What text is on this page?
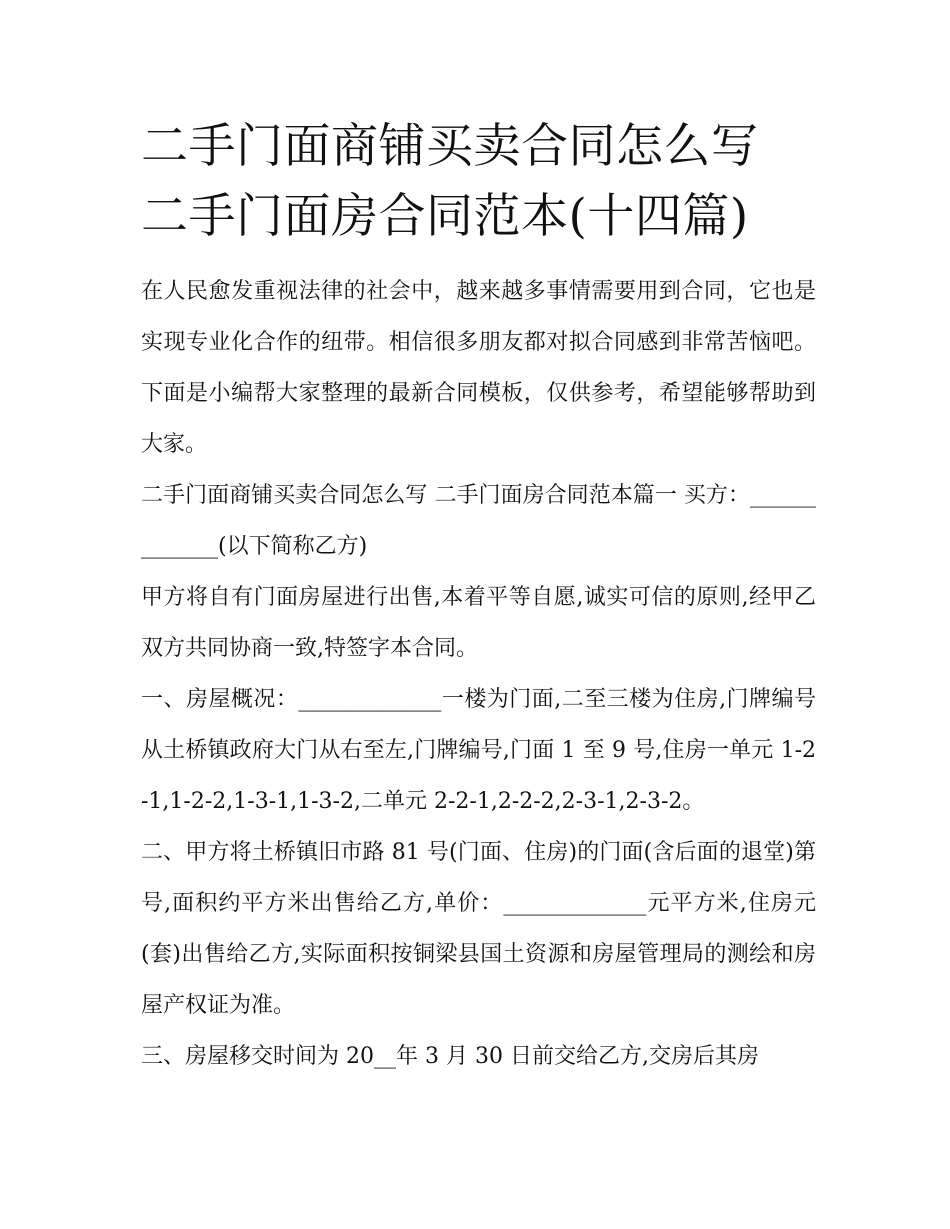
二手门面商铺买卖合同怎么写
二手门面房合同范本(十四篇)

在人民愈发重视法律的社会中，越来越多事情需要用到合同，它也是实现专业化合作的纽带。相信很多朋友都对拟合同感到非常苦恼吧。下面是小编帮大家整理的最新合同模板，仅供参考，希望能够帮助到大家。

二手门面商铺买卖合同怎么写 二手门面房合同范本篇一 买方：_____________(以下简称乙方)

甲方将自有门面房屋进行出售,本着平等自愿,诚实可信的原则,经甲乙双方共同协商一致,特签字本合同。

一、房屋概况：_____________一楼为门面,二至三楼为住房,门牌编号从土桥镇政府大门从右至左,门牌编号,门面 1 至 9 号,住房一单元 1-2-1,1-2-2,1-3-1,1-3-2,二单元 2-2-1,2-2-2,2-3-1,2-3-2。

二、甲方将土桥镇旧市路 81 号(门面、住房)的门面(含后面的退堂)第号,面积约平方米出售给乙方,单价：_____________元平方米,住房元(套)出售给乙方,实际面积按铜梁县国土资源和房屋管理局的测绘和房屋产权证为准。

三、房屋移交时间为 20__年 3 月 30 日前交给乙方,交房后其房
